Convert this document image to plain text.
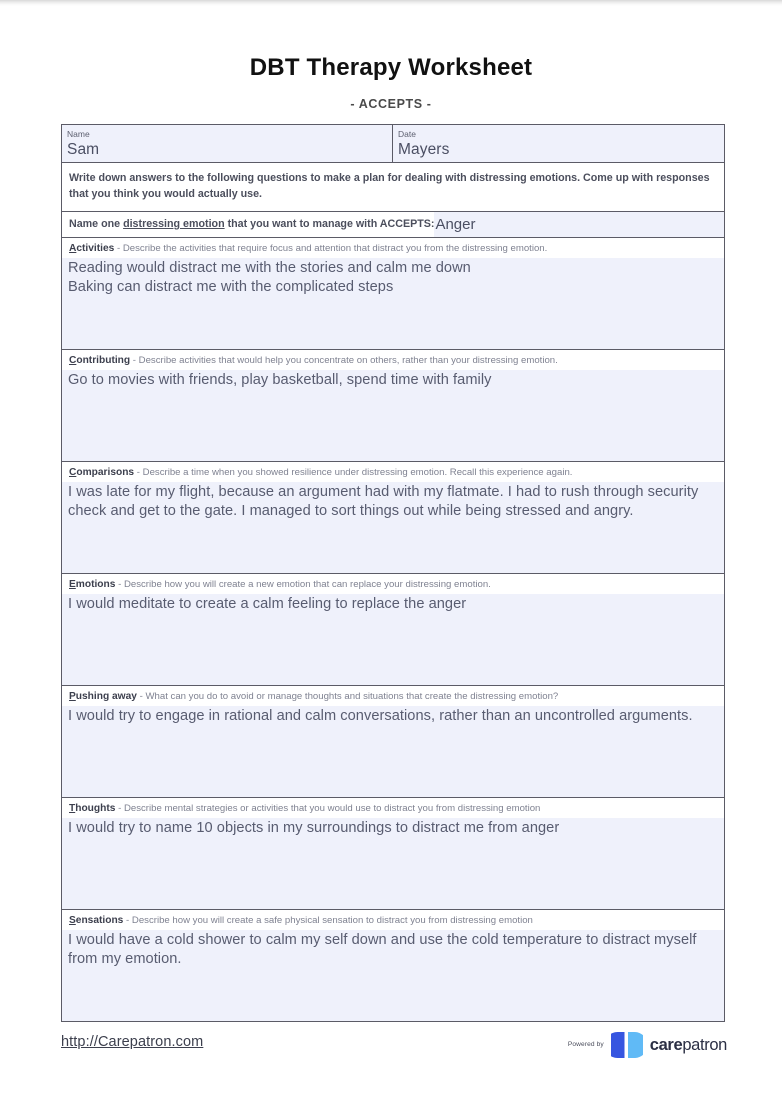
DBT Therapy Worksheet
- ACCEPTS -
Name
Sam
Date
Mayers
Write down answers to the following questions to make a plan for dealing with distressing emotions. Come up with responses that you think you would actually use.
Name one distressing emotion that you want to manage with ACCEPTS: Anger
Activities - Describe the activities that require focus and attention that distract you from the distressing emotion.

Reading would distract me with the stories and calm me down

Baking can distract me with the complicated steps

Contributing - Describe activities that would help you concentrate on others, rather than your distressing emotion.

Go to movies with friends, play basketball, spend time with family

Comparisons - Describe a time when you showed resilience under distressing emotion. Recall this experience again.

I was late for my flight, because an argument had with my flatmate. I had to rush through security check and get to the gate. I managed to sort things out while being stressed and angry.

Emotions - Describe how you will create a new emotion that can replace your distressing emotion.

I would meditate to create a calm feeling to replace the anger

Pushing away - What can you do to avoid or manage thoughts and situations that create the distressing emotion?

I would try to engage in rational and calm conversations, rather than an uncontrolled arguments.

Thoughts - Describe mental strategies or activities that you would use to distract you from distressing emotion

I would try to name 10 objects in my surroundings to distract me from anger

Sensations - Describe how you will create a safe physical sensation to distract you from distressing emotion

I would have a cold shower to calm my self down and use the cold temperature to distract myself from my emotion.

http://Carepatron.com	Powered by	carepatron
